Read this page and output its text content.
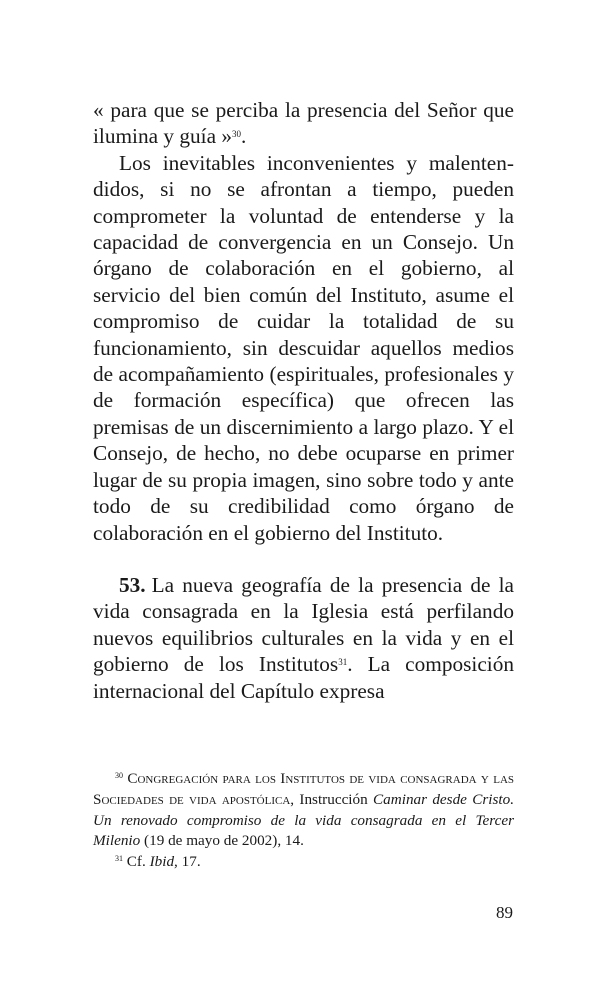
« para que se perciba la presencia del Señor que ilumina y guía »$^{30}$.

Los inevitables inconvenientes y malentendidos, si no se afrontan a tiempo, pueden comprometer la voluntad de entenderse y la capacidad de convergencia en un Consejo. Un órgano de colaboración en el gobierno, al servicio del bien común del Instituto, asume el compromiso de cuidar la totalidad de su funcionamiento, sin descuidar aquellos medios de acompañamiento (espirituales, profesionales y de formación específica) que ofrecen las premisas de un discernimiento a largo plazo. Y el Consejo, de hecho, no debe ocuparse en primer lugar de su propia imagen, sino sobre todo y ante todo de su credibilidad como órgano de colaboración en el gobierno del Instituto.

53. La nueva geografía de la presencia de la vida consagrada en la Iglesia está perfilando nuevos equilibrios culturales en la vida y en el gobierno de los Institutos$^{31}$. La composición internacional del Capítulo expresa

$^{30}$ Congregación para los Institutos de vida consagrada y las Sociedades de vida apostólica, Instrucción Caminar desde Cristo. Un renovado compromiso de la vida consagrada en el Tercer Milenio (19 de mayo de 2002), 14.

$^{31}$ Cf. Ibid, 17.

89
